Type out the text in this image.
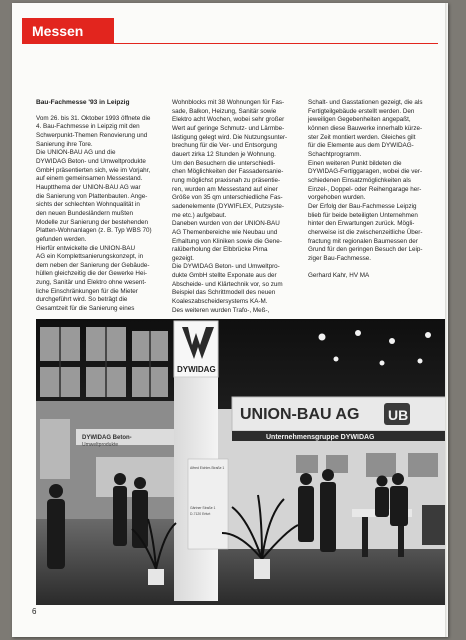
Messen

Bau-Fachmesse '93 in Leipzig

Vom 26. bis 31. Oktober 1993 öffnete die
4. Bau-Fachmesse in Leipzig mit den
Schwerpunkt-Themen Renovierung und
Sanierung ihre Tore.
Die UNION-BAU AG und die
DYWIDAG Beton- und Umweltprodukte
GmbH präsentierten sich, wie im Vorjahr,
auf einem gemeinsamen Messestand.
Hauptthema der UNION-BAU AG war
die Sanierung von Plattenbauten. Ange-
sichts der schlechten Wohnqualität in
den neuen Bundesländern mußten
Modelle zur Sanierung der bestehenden
Platten-Wohnanlagen (z. B. Typ WBS 70)
gefunden werden.
Hierfür entwickelte die UNION-BAU
AG ein Komplettsanierungskonzept, in
dem neben der Sanierung der Gebäude-
hüllen gleichzeitig die der Gewerke Hei-
zung, Sanitär und Elektro ohne wesent-
liche Einschränkungen für die Mieter
durchgeführt wird. So beträgt die
Gesamtzeit für die Sanierung eines
Wohnblocks mit 38 Wohnungen für Fas-
sade, Balkon, Heizung, Sanitär sowie
Elektro acht Wochen, wobei sehr großer
Wert auf geringe Schmutz- und Lärmbe-
lästigung gelegt wird. Die Nutzungsunter-
brechung für die Ver- und Entsorgung
dauert zirka 12 Stunden je Wohnung.
Um den Besuchern die unterschiedli-
chen Möglichkeiten der Fassadensanie-
rung möglichst praxisnah zu präsentie-
ren, wurden am Messestand auf einer
Größe von 35 qm unterschiedliche Fas-
sadenelemente (DYWIFLEX, Putzsyste-
me etc.) aufgebaut.
Daneben wurden von der UNION-BAU
AG Themenbereiche wie Neubau und
Erhaltung von Kliniken sowie die Gene-
ralüberholung der Elbbrücke Pirna
gezeigt.
Die DYWIDAG Beton- und Umweltpro-
dukte GmbH stellte Exponate aus der
Abscheide- und Klärtechnik vor, so zum
Beispiel das Schrittmodell des neuen
Koaleszabscheidersystems KA-M.
Des weiteren wurden Trafo-, Meß-,
Schalt- und Gasstationen gezeigt, die als
Fertigteilgebäude erstellt werden. Den
jeweiligen Gegebenheiten angepaßt,
können diese Bauwerke innerhalb kürze-
ster Zeit montiert werden. Gleiches gilt
für die Elemente aus dem DYWIDAG-
Schachtprogramm.
Einen weiteren Punkt bildeten die
DYWIDAG-Fertiggaragen, wobei die ver-
schiedenen Einsatzmöglichkeiten als
Einzel-, Doppel- oder Reihengarage her-
vorgehoben wurden.
Der Erfolg der Bau-Fachmesse Leipzig
blieb für beide beteiligten Unternehmen
hinter den Erwartungen zurück. Mögli-
cherweise ist die zwischenzeitliche Über-
fractung mit regionalen Baumessen der
Grund für den geringen Besuch der Leip-
ziger Bau-Fachmesse.

Gerhard Kahr, HV MA

DYWIDAG Beton-
Umweltprodukte
UNION-BAU AG UB
Unternehmensgruppe DYWIDAG
DYWIDAG
Alfred Eichler-Straße 1
Gärtner Straße 1
D-7120 Erfurt
6
